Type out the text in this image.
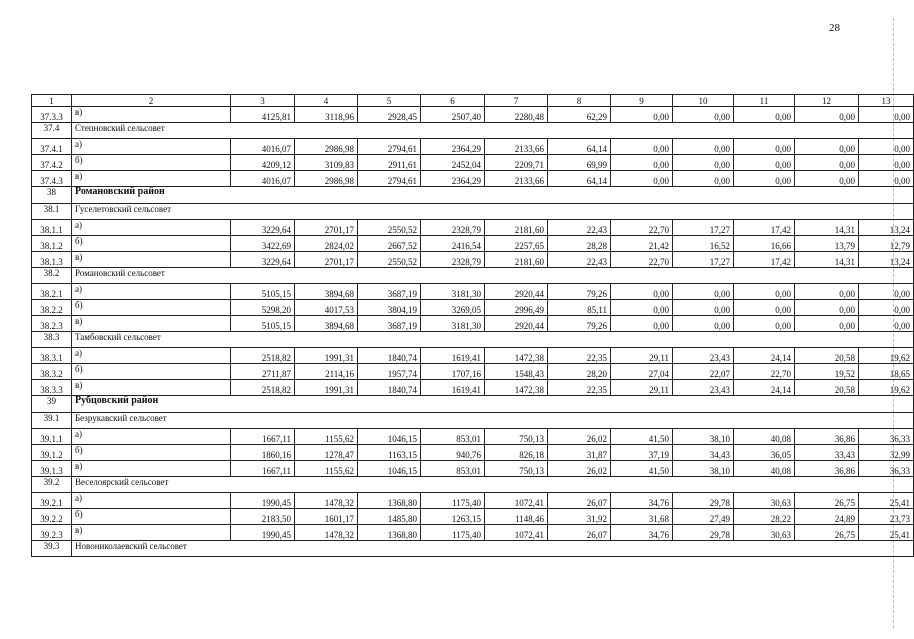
28
1	2	3	4	5	6	7	8	9	10	11	12	13
37.3.3	в)	4125,81	3118,96	2928,45	2507,40	2280,48	62,29	0,00	0,00	0,00	0,00	0,00
37.4	Степновский сельсовет											
37.4.1	а)	4016,07	2986,98	2794,61	2364,29	2133,66	64,14	0,00	0,00	0,00	0,00	0,00
37.4.2	б)	4209,12	3109,83	2911,61	2452,04	2209,71	69,99	0,00	0,00	0,00	0,00	0,00
37.4.3	в)	4016,07	2986,98	2794,61	2364,29	2133,66	64,14	0,00	0,00	0,00	0,00	0,00
38	Романовский район											
38.1	Гуселетовский сельсовет											
38.1.1	а)	3229,64	2701,17	2550,52	2328,79	2181,60	22,43	22,70	17,27	17,42	14,31	13,24
38.1.2	б)	3422,69	2824,02	2667,52	2416,54	2257,65	28,28	21,42	16,52	16,66	13,79	12,79
38.1.3	в)	3229,64	2701,17	2550,52	2328,79	2181,60	22,43	22,70	17,27	17,42	14,31	13,24
38.2	Романовский сельсовет											
38.2.1	а)	5105,15	3894,68	3687,19	3181,30	2920,44	79,26	0,00	0,00	0,00	0,00	0,00
38.2.2	б)	5298,20	4017,53	3804,19	3269,05	2996,49	85,11	0,00	0,00	0,00	0,00	0,00
38.2.3	в)	5105,15	3894,68	3687,19	3181,30	2920,44	79,26	0,00	0,00	0,00	0,00	0,00
38.3	Тамбовский сельсовет											
38.3.1	а)	2518,82	1991,31	1840,74	1619,41	1472,38	22,35	29,11	23,43	24,14	20,58	19,62
38.3.2	б)	2711,87	2114,16	1957,74	1707,16	1548,43	28,20	27,04	22,07	22,70	19,52	18,65
38.3.3	в)	2518,82	1991,31	1840,74	1619,41	1472,38	22,35	29,11	23,43	24,14	20,58	19,62
39	Рубцовский район											
39.1	Безрукавский сельсовет											
39.1.1	а)	1667,11	1155,62	1046,15	853,01	750,13	26,02	41,50	38,10	40,08	36,86	36,33
39.1.2	б)	1860,16	1278,47	1163,15	940,76	826,18	31,87	37,19	34,43	36,05	33,43	32,99
39.1.3	в)	1667,11	1155,62	1046,15	853,01	750,13	26,02	41,50	38,10	40,08	36,86	36,33
39.2	Веселоярский сельсовет											
39.2.1	а)	1990,45	1478,32	1368,80	1175,40	1072,41	26,07	34,76	29,78	30,63	26,75	25,41
39.2.2	б)	2183,50	1601,17	1485,80	1263,15	1148,46	31,92	31,68	27,49	28,22	24,89	23,73
39.2.3	в)	1990,45	1478,32	1368,80	1175,40	1072,41	26,07	34,76	29,78	30,63	26,75	25,41
39.3	Новониколаевский сельсовет											
